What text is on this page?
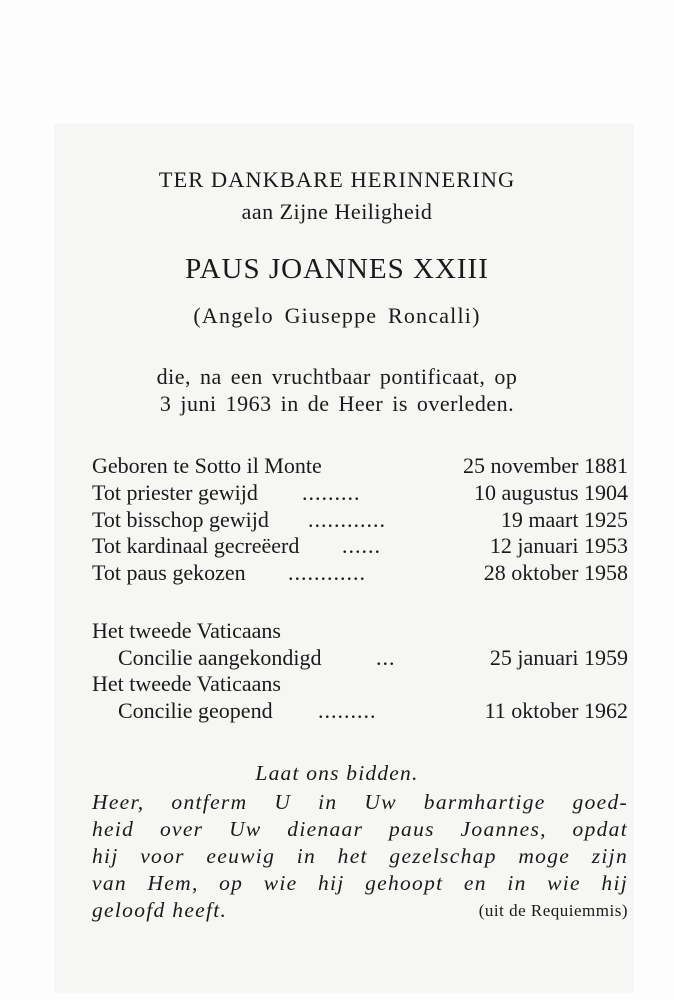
TER DANKBARE HERINNERING
aan Zijne Heiligheid
PAUS JOANNES XXIII
(Angelo Giuseppe Roncalli)
die, na een vruchtbaar pontificaat, op
3 juni 1963 in de Heer is overleden.
Geboren te Sotto il Monte	25 november 1881
Tot priester gewijd .........	10 augustus 1904
Tot bisschop gewijd ............	19 maart 1925
Tot kardinaal gecreëerd ......	12 januari 1953
Tot paus gekozen ............	28 oktober 1958
Het tweede Vaticaans
Concilie aangekondigd ...	25 januari 1959
Het tweede Vaticaans
Concilie geopend .........	11 oktober 1962
Laat ons bidden.
Heer, ontferm U in Uw barmhartige goed-
heid over Uw dienaar paus Joannes, opdat
hij voor eeuwig in het gezelschap moge zijn
van Hem, op wie hij gehoopt en in wie hij
geloofd heeft.	(uit de Requiemmis)
